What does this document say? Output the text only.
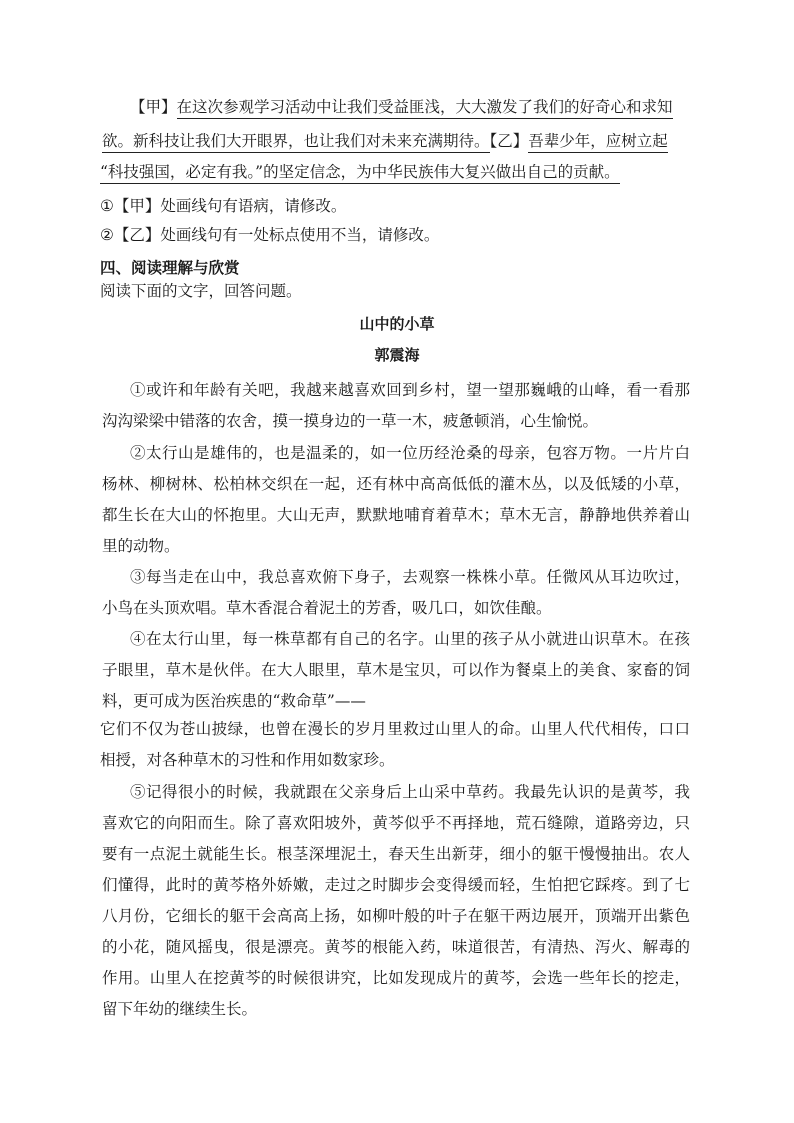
【甲】在这次参观学习活动中让我们受益匪浅，大大激发了我们的好奇心和求知
欲。新科技让我们大开眼界，也让我们对未来充满期待。【乙】吾辈少年，应树立起
“科技强国，必定有我。”的坚定信念，为中华民族伟大复兴做出自己的贡献。
①【甲】处画线句有语病，请修改。
②【乙】处画线句有一处标点使用不当，请修改。
四、阅读理解与欣赏
阅读下面的文字，回答问题。
山中的小草
郭震海
①或许和年龄有关吧，我越来越喜欢回到乡村，望一望那巍峨的山峰，看一看那
沟沟梁梁中错落的农舍，摸一摸身边的一草一木，疲惫顿消，心生愉悦。
②太行山是雄伟的，也是温柔的，如一位历经沧桑的母亲，包容万物。一片片白
杨林、柳树林、松柏林交织在一起，还有林中高高低低的灌木丛，以及低矮的小草，
都生长在大山的怀抱里。大山无声，默默地哺育着草木；草木无言，静静地供养着山
里的动物。
③每当走在山中，我总喜欢俯下身子，去观察一株株小草。任微风从耳边吹过，
小鸟在头顶欢唱。草木香混合着泥土的芳香，吸几口，如饮佳酿。
④在太行山里，每一株草都有自己的名字。山里的孩子从小就进山识草木。在孩
子眼里，草木是伙伴。在大人眼里，草木是宝贝，可以作为餐桌上的美食、家畜的饲
料，更可成为医治疾患的“救命草”——
它们不仅为苍山披绿，也曾在漫长的岁月里救过山里人的命。山里人代代相传，口口
相授，对各种草木的习性和作用如数家珍。
⑤记得很小的时候，我就跟在父亲身后上山采中草药。我最先认识的是黄芩，我
喜欢它的向阳而生。除了喜欢阳坡外，黄芩似乎不再择地，荒石缝隙，道路旁边，只
要有一点泥土就能生长。根茎深埋泥土，春天生出新芽，细小的躯干慢慢抽出。农人
们懂得，此时的黄芩格外娇嫩，走过之时脚步会变得缓而轻，生怕把它踩疼。到了七
八月份，它细长的躯干会高高上扬，如柳叶般的叶子在躯干两边展开，顶端开出紫色
的小花，随风摇曳，很是漂亮。黄芩的根能入药，味道很苦，有清热、泻火、解毒的
作用。山里人在挖黄芩的时候很讲究，比如发现成片的黄芩，会选一些年长的挖走，
留下年幼的继续生长。
